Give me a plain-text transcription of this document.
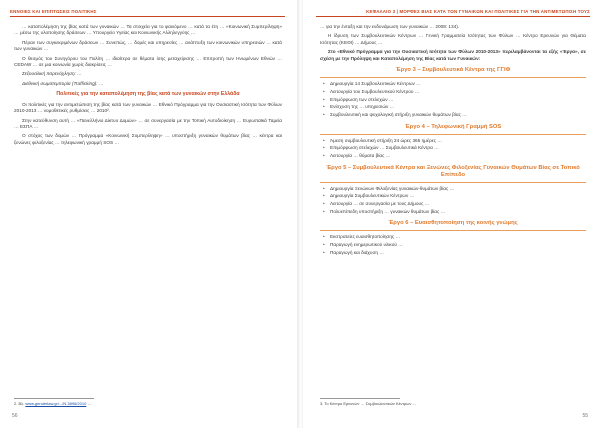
ΕΝΝΟΙΕΣ ΚΑΙ ΕΠΙΠΤΩΣΕΙΣ ΠΟΛΙΤΙΚΗΣ

… καταπολέμηση της βίας κατά των γυναικών … Τα στοιχεία για το φαινόμενο … κατά τα έτη … «Κοινωνική Συμπερίληψη» … μέσω της υλοποίησης δράσεων … Υπουργείο Υγείας και Κοινωνικής Αλληλεγγύης …

Πέραν των συγκεκριμένων δράσεων … Συνεπώς, … δομές και υπηρεσίες … ανάπτυξη των κοινωνικών υπηρεσιών … κατά των γυναικών …

Ο θεσμός του Συνηγόρου του Πολίτη … ιδιαίτερα σε θέματα ίσης μεταχείρισης … Επιτροπή των Ηνωμένων Εθνών … CEDAW … σε μια κοινωνία χωρίς διακρίσεις …

Σεξουαλική παρενόχληση: …

Διεθνική σωματεμπορία (Trafficking): …

Πολιτικές για την καταπολέμηση της βίας κατά των γυναικών στην Ελλάδα

Οι πολιτικές για την αντιμετώπιση της βίας κατά των γυναικών … Εθνικό Πρόγραμμα για την Ουσιαστική Ισότητα των Φύλων 2010-2013 … νομοθετικές ρυθμίσεις … 2010².

Στην κατεύθυνση αυτή … «Πανελλήνιο Δίκτυο Δομών» … σε συνεργασία με την Τοπική Αυτοδιοίκηση … Ευρωπαϊκά Ταμεία … ΕΣΠΑ …

Ο στόχος των δομών … Πρόγραμμα «Κοινωνική Συμπερίληψη» … υποστήριξη γυναικών θυμάτων βίας … κέντρα και ξενώνες φιλοξενίας … τηλεφωνική γραμμή SOS …

2. Βλ. www.genderlaw.gr/.../Ν.3896/2010 …
56
ΚΕΦΑΛΑΙΟ 3 | ΜΟΡΦΕΣ ΒΙΑΣ ΚΑΤΑ ΤΩΝ ΓΥΝΑΙΚΩΝ ΚΑΙ ΠΟΛΙΤΙΚΕΣ ΓΙΑ ΤΗΝ ΑΝΤΙΜΕΤΩΠΙΣΗ ΤΟΥΣ

… για την ένταξη και την ενδυνάμωση των γυναικών … 2008: 134).

Η ίδρυση των Συμβουλευτικών Κέντρων … Γενική Γραμματεία Ισότητας των Φύλων … Κέντρο Ερευνών για Θέματα Ισότητας (ΚΕΘΙ) … Δήμους …

Στο «Εθνικό Πρόγραμμα για την Ουσιαστική Ισότητα των Φύλων 2010-2013» περιλαμβάνονται τα εξής «Έργα», σε σχέση με την Πρόληψη και Καταπολέμηση της Βίας κατά των Γυναικών:

Έργο 3 – Συμβουλευτικά Κέντρα της ΓΓΙΦ
• Δημιουργία 14 Συμβουλευτικών Κέντρων …
• Λειτουργία του Συμβουλευτικού Κέντρου …
• Επιμόρφωση των στελεχών …
• Ενίσχυση της … υπηρεσιών …
• Συμβουλευτική και ψυχολογική στήριξη γυναικών θυμάτων βίας …
Έργο 4 – Τηλεφωνική Γραμμή SOS
• Άμεση συμβουλευτική στήριξη 24 ώρες 365 ημέρες …
• Επιμόρφωση στελεχών … Συμβουλευτικά Κέντρα …
• Λειτουργία … θύματα βίας …
Έργο 5 – Συμβουλευτικά Κέντρα και Ξενώνες Φιλοξενίας Γυναικών Θυμάτων Βίας σε Τοπικό Επίπεδο
• Δημιουργία Ξενώνων Φιλοξενίας γυναικών-θυμάτων βίας …
• Δημιουργία Συμβουλευτικών Κέντρων …
• Λειτουργία … σε συνεργασία με τους Δήμους …
• Πολυεπίπεδη υποστήριξη … γυναικών θυμάτων βίας …
Έργο 6 – Ευαισθητοποίηση της κοινής γνώμης
• Εκστρατείες ευαισθητοποίησης …
• Παραγωγή ενημερωτικού υλικού …
• Παραγωγή και διάχυση …
3. Το Κέντρο Ερευνών … Συμβουλευτικών Κέντρων …
55
